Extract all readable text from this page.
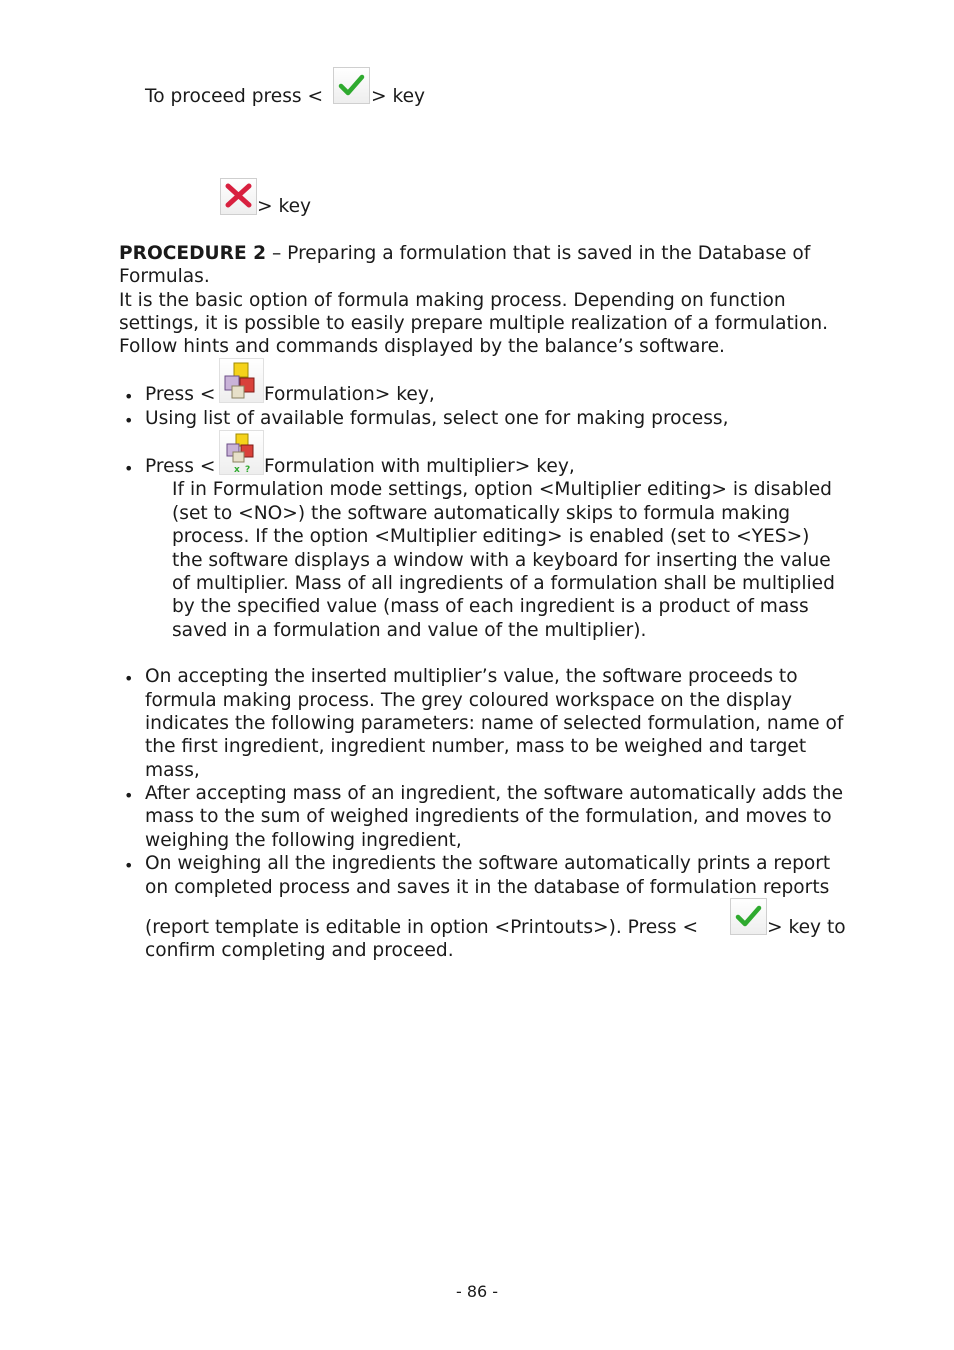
To proceed press <	> key
> key
PROCEDURE 2 – Preparing a formulation that is saved in the Database of
Formulas.
It is the basic option of formula making process. Depending on function
settings, it is possible to easily prepare multiple realization of a formulation.
Follow hints and commands displayed by the balance’s software.
• Press <	Formulation> key,
• Using list of available formulas, select one for making process,
• Press < x ? Formulation with multiplier> key,
If in Formulation mode settings, option <Multiplier editing> is disabled
(set to <NO>) the software automatically skips to formula making
process. If the option <Multiplier editing> is enabled (set to <YES>)
the software displays a window with a keyboard for inserting the value
of multiplier. Mass of all ingredients of a formulation shall be multiplied
by the specified value (mass of each ingredient is a product of mass
saved in a formulation and value of the multiplier).
• On accepting the inserted multiplier’s value, the software proceeds to
formula making process. The grey coloured workspace on the display
indicates the following parameters: name of selected formulation, name of
the first ingredient, ingredient number, mass to be weighed and target
mass,
• After accepting mass of an ingredient, the software automatically adds the
mass to the sum of weighed ingredients of the formulation, and moves to
weighing the following ingredient,
• On weighing all the ingredients the software automatically prints a report
on completed process and saves it in the database of formulation reports
(report template is editable in option <Printouts>). Press <	> key to
confirm completing and proceed.
- 86 -
